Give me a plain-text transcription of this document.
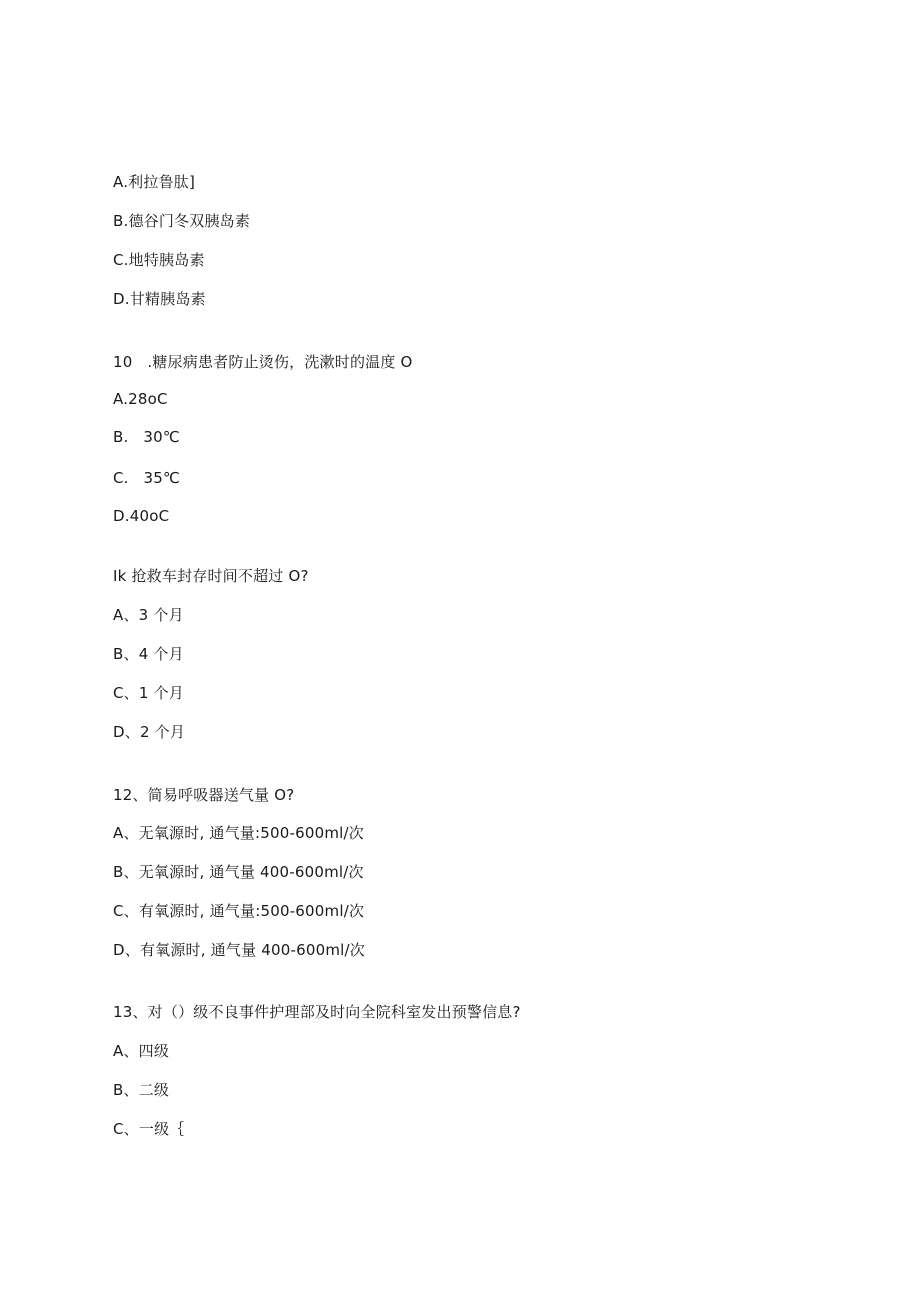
A.利拉鲁肽]
B.德谷门冬双胰岛素
C.地特胰岛素
D.甘精胰岛素
10   .糖尿病患者防止烫伤，洗漱时的温度 O
A.28oC
B.   30℃
C.   35℃
D.40oC
Ik 抢救车封存时间不超过 O?
A、3 个月
B、4 个月
C、1 个月
D、2 个月
12、简易呼吸器送气量 O?
A、无氧源时, 通气量:500-600ml/次
B、无氧源时, 通气量 400-600ml/次
C、有氧源时, 通气量:500-600ml/次
D、有氧源时, 通气量 400-600ml/次
13、对（）级不良事件护理部及时向全院科室发出预警信息?
A、四级
B、二级
C、一级｛
